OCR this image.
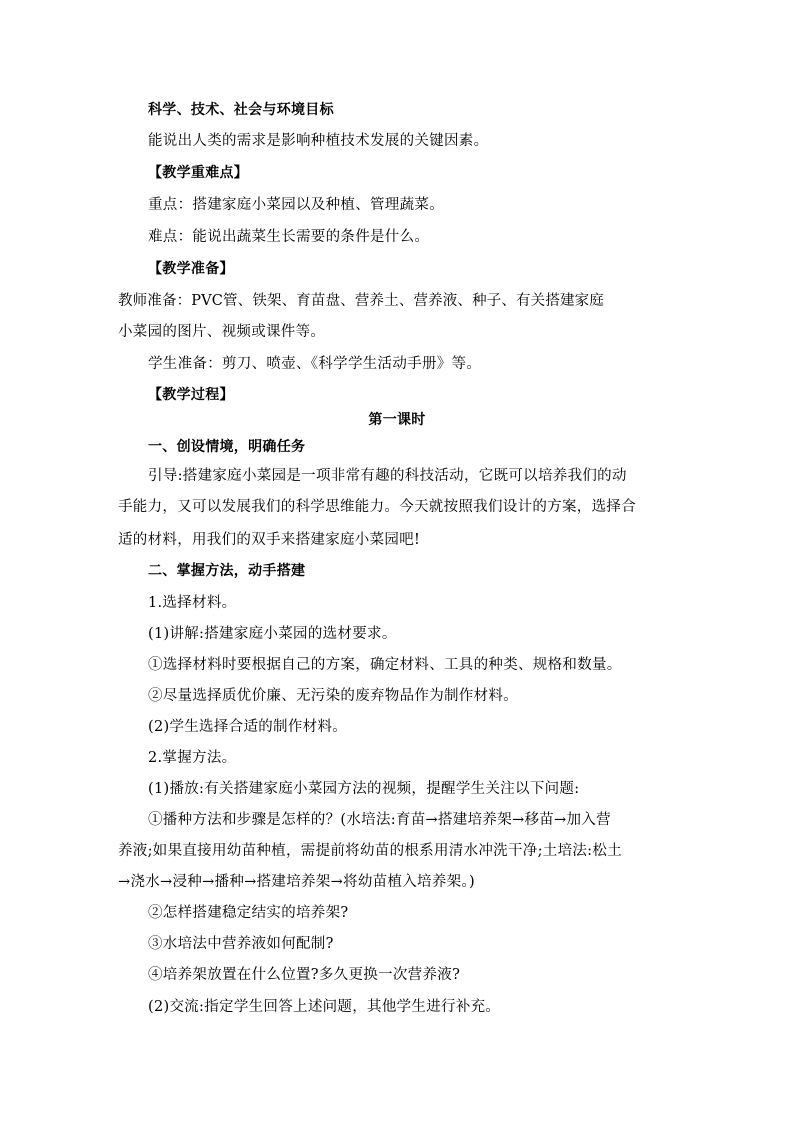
科学、技术、社会与环境目标
能说出人类的需求是影响种植技术发展的关键因素。
【教学重难点】
重点：搭建家庭小菜园以及种植、管理蔬菜。
难点：能说出蔬菜生长需要的条件是什么。
【教学准备】
教师准备：PVC管、铁架、育苗盘、营养土、营养液、种子、有关搭建家庭
小菜园的图片、视频或课件等。
学生准备：剪刀、喷壶、《科学学生活动手册》等。
【教学过程】
第一课时
一、创设情境，明确任务
引导:搭建家庭小菜园是一项非常有趣的科技活动，它既可以培养我们的动
手能力，又可以发展我们的科学思维能力。今天就按照我们设计的方案，选择合
适的材料，用我们的双手来搭建家庭小菜园吧!
二、掌握方法，动手搭建
1.选择材料。
(1)讲解:搭建家庭小菜园的选材要求。
①选择材料时要根据自己的方案，确定材料、工具的种类、规格和数量。
②尽量选择质优价廉、无污染的废弃物品作为制作材料。
(2)学生选择合适的制作材料。
2.掌握方法。
(1)播放:有关搭建家庭小菜园方法的视频，提醒学生关注以下问题:
①播种方法和步骤是怎样的？(水培法:育苗→搭建培养架→移苗→加入营
养液;如果直接用幼苗种植，需提前将幼苗的根系用清水冲洗干净;土培法:松土
→浇水→浸种→播种→搭建培养架→将幼苗植入培养架。)
②怎样搭建稳定结实的培养架?
③水培法中营养液如何配制?
④培养架放置在什么位置?多久更换一次营养液?
(2)交流:指定学生回答上述问题，其他学生进行补充。
